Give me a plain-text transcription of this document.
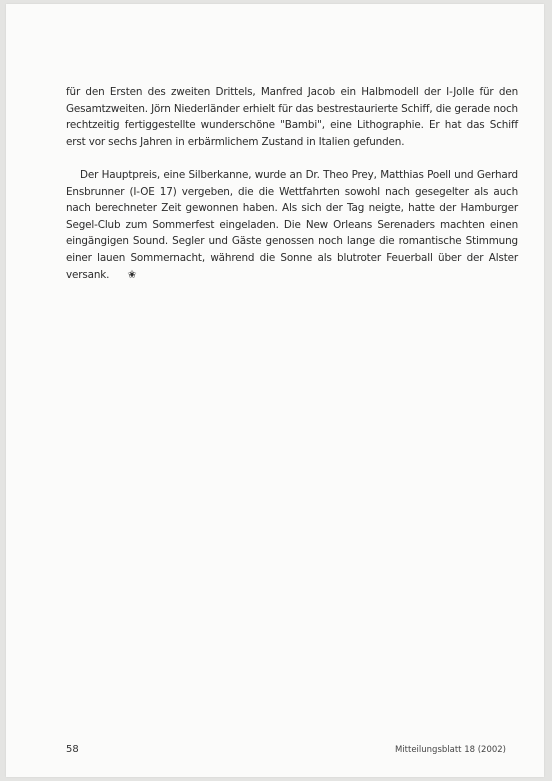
für den Ersten des zweiten Drittels, Manfred Jacob ein Halbmodell der I-Jolle für den Gesamtzweiten. Jörn Niederländer erhielt für das bestrestaurierte Schiff, die gerade noch rechtzeitig fertiggestellte wunderschöne "Bambi", eine Lithographie. Er hat das Schiff erst vor sechs Jahren in erbärmlichem Zustand in Italien gefunden.

Der Hauptpreis, eine Silberkanne, wurde an Dr. Theo Prey, Matthias Poell und Gerhard Ensbrunner (I-OE 17) vergeben, die die Wettfahrten sowohl nach gesegelter als auch nach berechneter Zeit gewonnen haben. Als sich der Tag neigte, hatte der Hamburger Segel-Club zum Sommerfest eingeladen. Die New Orleans Serenaders machten einen eingängigen Sound. Segler und Gäste genossen noch lange die romantische Stimmung einer lauen Sommernacht, während die Sonne als blutroter Feuerball über der Alster versank. ✬

58	Mitteilungsblatt 18 (2002)
